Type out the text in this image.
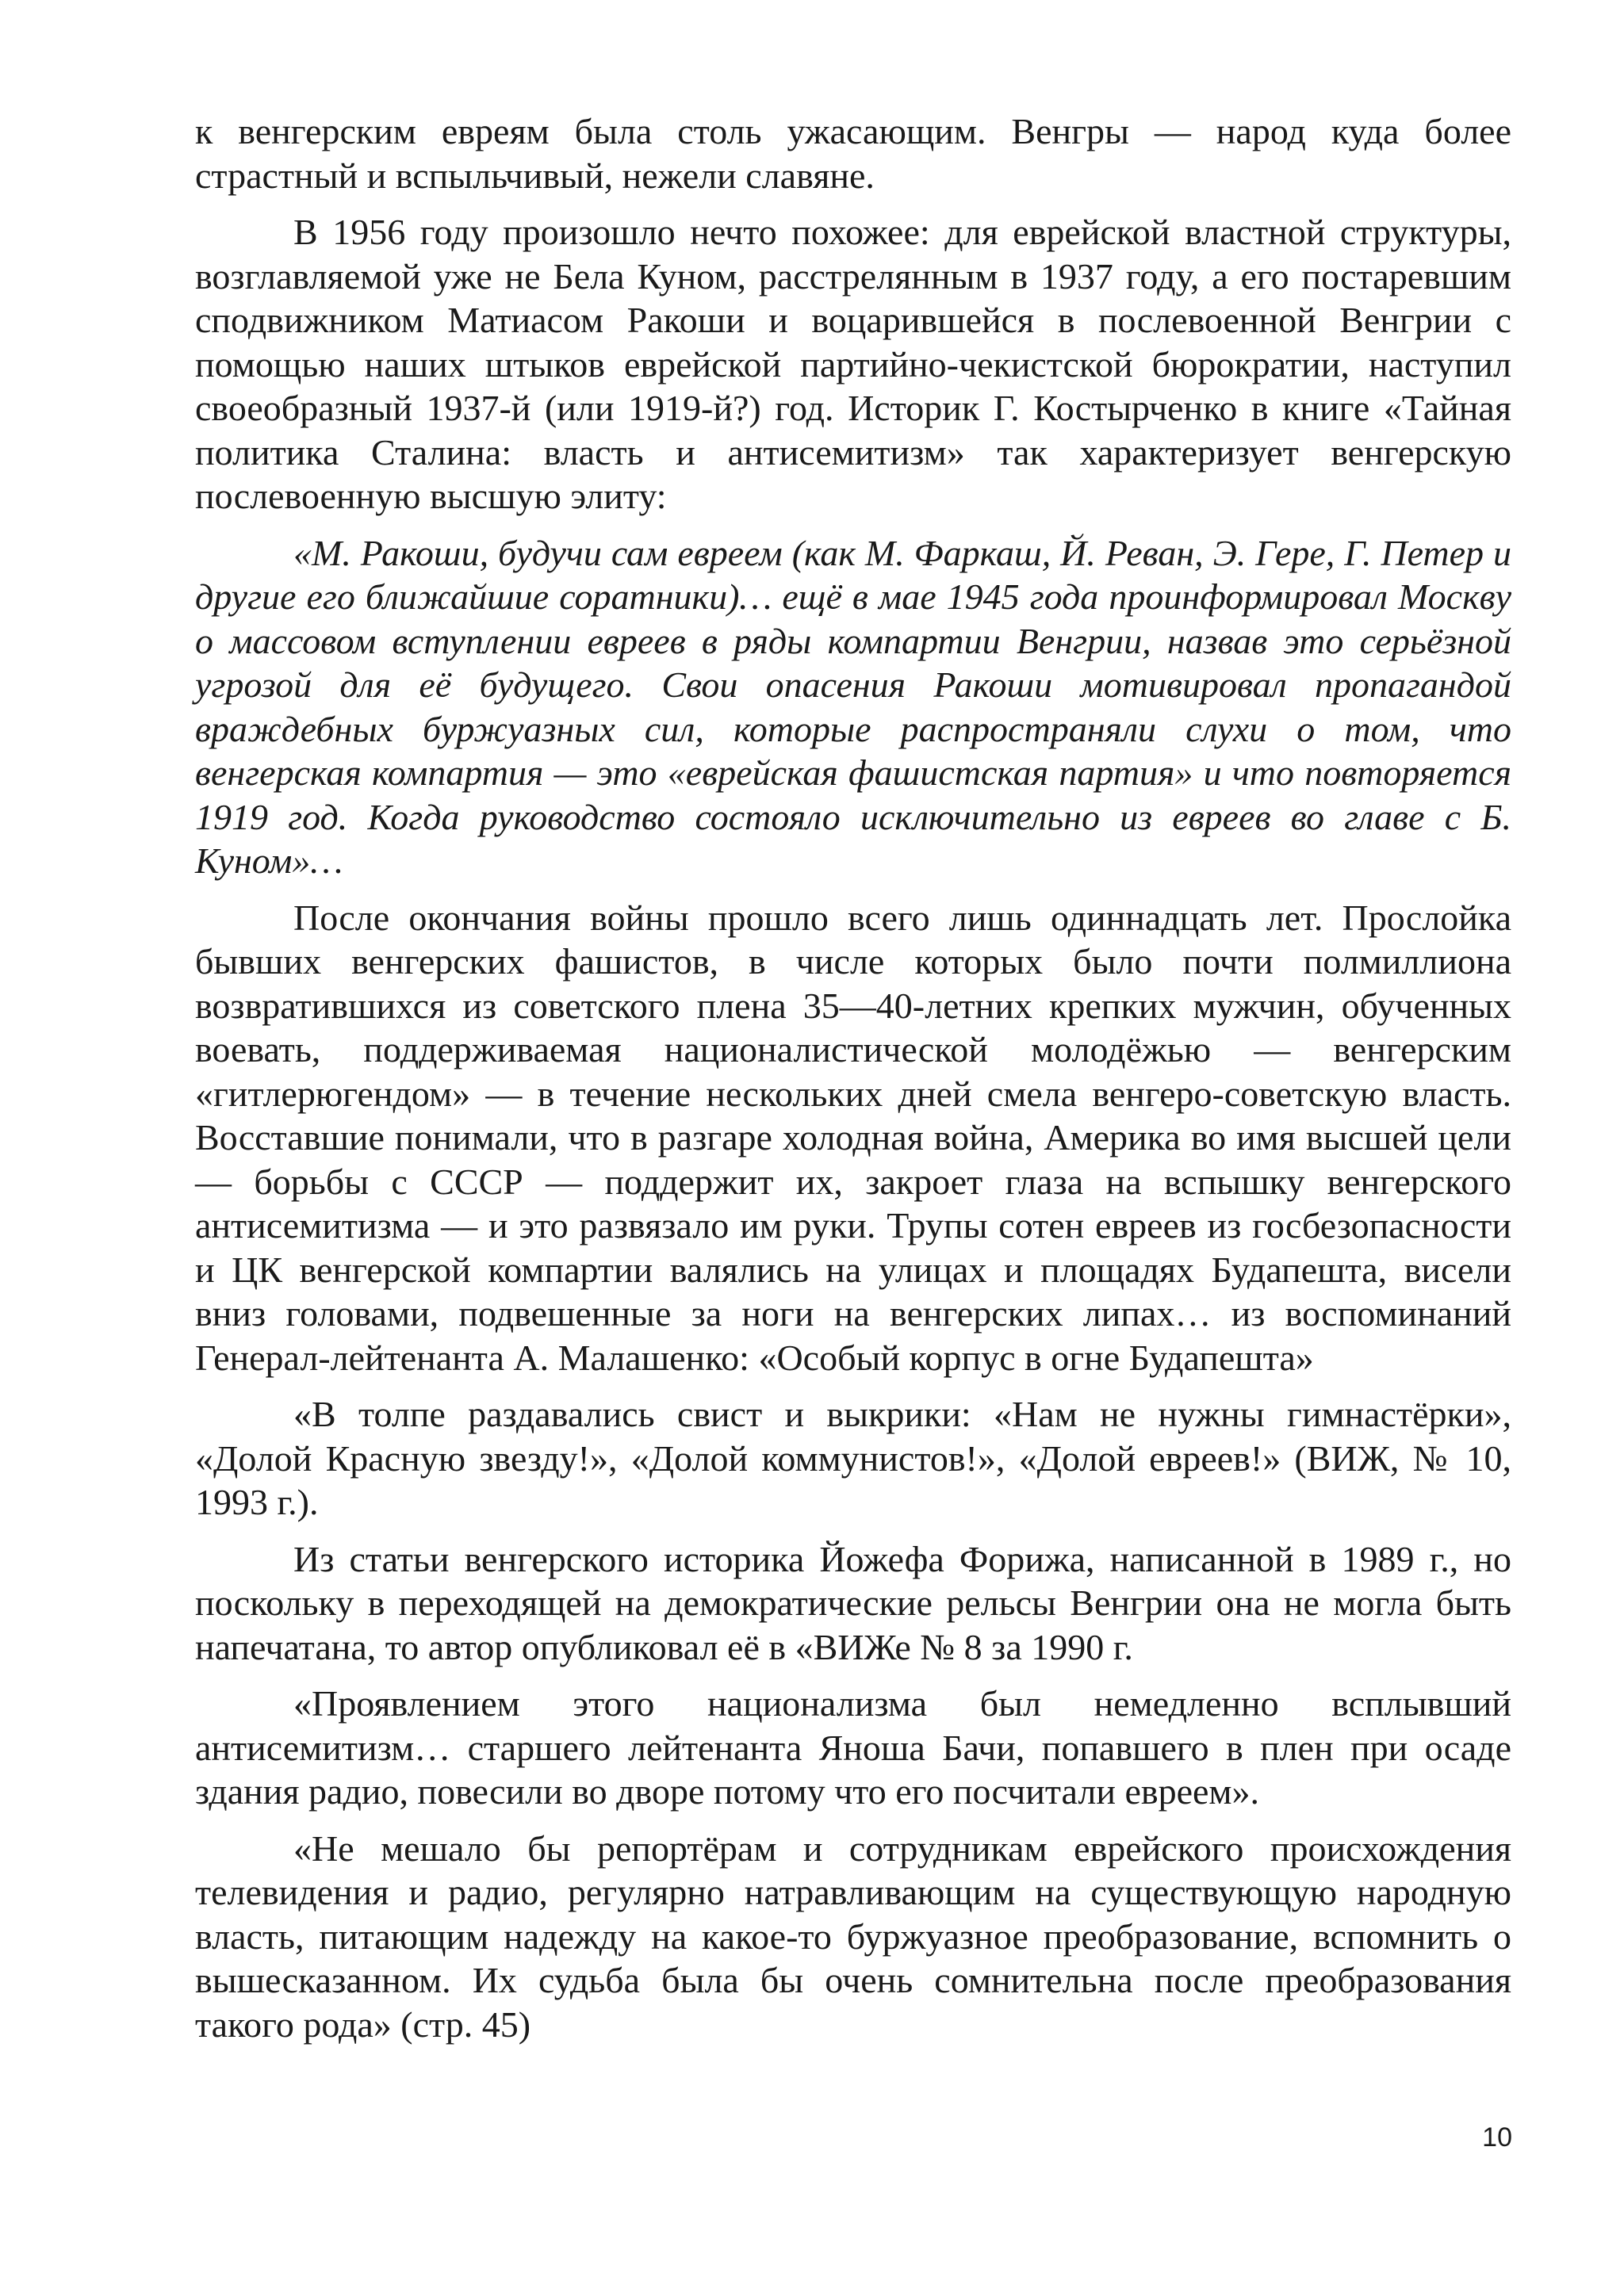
к венгерским евреям была столь ужасающим. Венгры — народ куда более страстный и вспыльчивый, нежели славяне.

В 1956 году произошло нечто похожее: для еврейской властной структуры, возглавляемой уже не Бела Куном, расстрелянным в 1937 году, а его постаревшим сподвижником Матиасом Ракоши и воцарившейся в послевоенной Венгрии с помощью наших штыков еврейской партийно-чекистской бюрократии, наступил своеобразный 1937-й (или 1919-й?) год. Историк Г. Костырченко в книге «Тайная политика Сталина: власть и антисемитизм» так характеризует венгерскую послевоенную высшую элиту:

«М. Ракоши, будучи сам евреем (как М. Фаркаш, Й. Реван, Э. Гере, Г. Петер и другие его ближайшие соратники)… ещё в мае 1945 года проинформировал Москву о массовом вступлении евреев в ряды компартии Венгрии, назвав это серьёзной угрозой для её будущего. Свои опасения Ракоши мотивировал пропагандой враждебных буржуазных сил, которые распространяли слухи о том, что венгерская компартия — это «еврейская фашистская партия» и что повторяется 1919 год. Когда руководство состояло исключительно из евреев во главе с Б. Куном»…

После окончания войны прошло всего лишь одиннадцать лет. Прослойка бывших венгерских фашистов, в числе которых было почти полмиллиона возвратившихся из советского плена 35—40-летних крепких мужчин, обученных воевать, поддерживаемая националистической молодёжью — венгерским «гитлерюгендом» — в течение нескольких дней смела венгеро-советскую власть. Восставшие понимали, что в разгаре холодная война, Америка во имя высшей цели — борьбы с СССР — поддержит их, закроет глаза на вспышку венгерского антисемитизма — и это развязало им руки. Трупы сотен евреев из госбезопасности и ЦК венгерской компартии валялись на улицах и площадях Будапешта, висели вниз головами, подвешенные за ноги на венгерских липах… из воспоминаний Генерал-лейтенанта А. Малашенко: «Особый корпус в огне Будапешта»

«В толпе раздавались свист и выкрики: «Нам не нужны гимнастёрки», «Долой Красную звезду!», «Долой коммунистов!», «Долой евреев!» (ВИЖ, № 10, 1993 г.).

Из статьи венгерского историка Йожефа Форижа, написанной в 1989 г., но поскольку в переходящей на демократические рельсы Венгрии она не могла быть напечатана, то автор опубликовал её в «ВИЖе № 8 за 1990 г.

«Проявлением этого национализма был немедленно всплывший антисемитизм… старшего лейтенанта Яноша Бачи, попавшего в плен при осаде здания радио, повесили во дворе потому что его посчитали евреем».

«Не мешало бы репортёрам и сотрудникам еврейского происхождения телевидения и радио, регулярно натравливающим на существующую народную власть, питающим надежду на какое-то буржуазное преобразование, вспомнить о вышесказанном. Их судьба была бы очень сомнительна после преобразования такого рода» (стр. 45)

10
